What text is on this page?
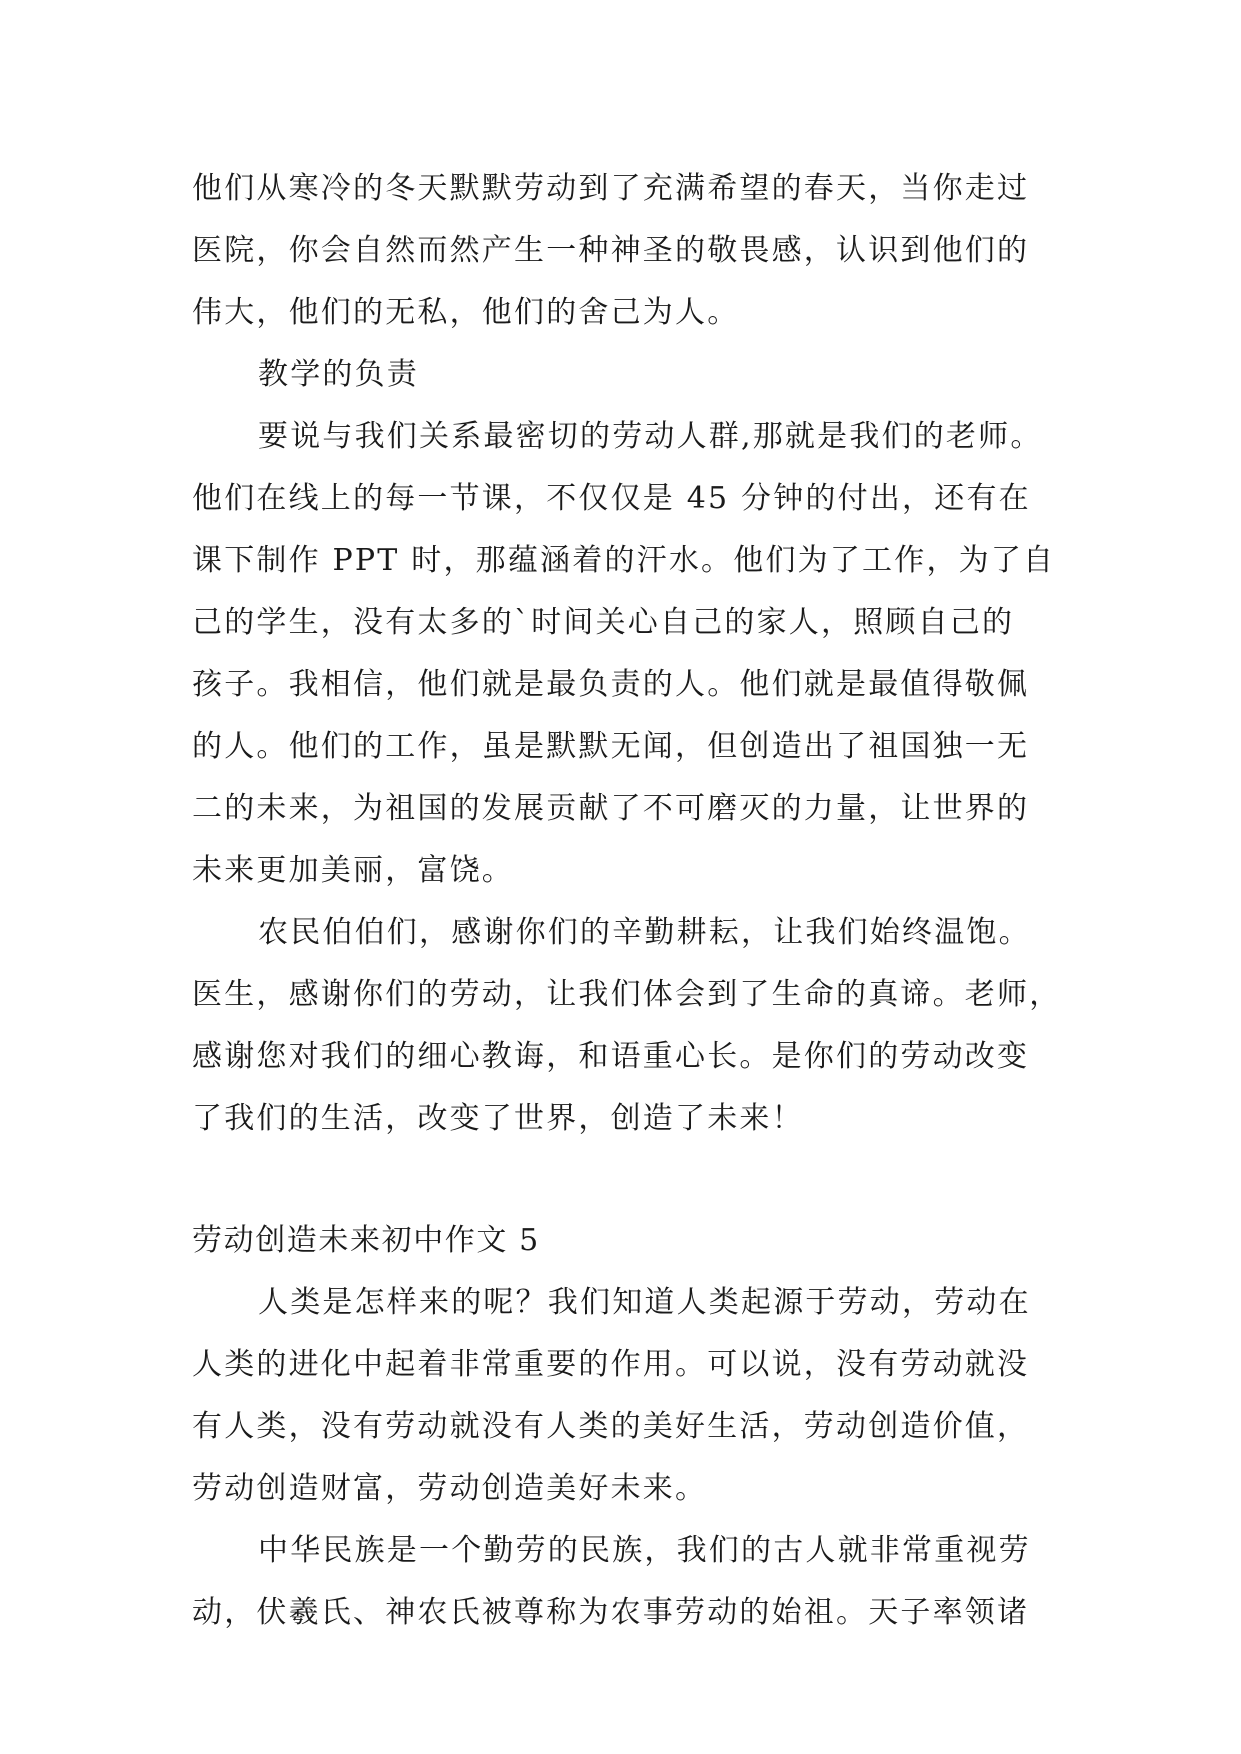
他们从寒冷的冬天默默劳动到了充满希望的春天，当你走过
医院，你会自然而然产生一种神圣的敬畏感，认识到他们的
伟大，他们的无私，他们的舍己为人。
教学的负责
要说与我们关系最密切的劳动人群,那就是我们的老师。
他们在线上的每一节课，不仅仅是 45 分钟的付出，还有在
课下制作 PPT 时，那蕴涵着的汗水。他们为了工作，为了自
己的学生，没有太多的`时间关心自己的家人，照顾自己的
孩子。我相信，他们就是最负责的人。他们就是最值得敬佩
的人。他们的工作，虽是默默无闻，但创造出了祖国独一无
二的未来，为祖国的发展贡献了不可磨灭的力量，让世界的
未来更加美丽，富饶。
农民伯伯们，感谢你们的辛勤耕耘，让我们始终温饱。
医生，感谢你们的劳动，让我们体会到了生命的真谛。老师，
感谢您对我们的细心教诲，和语重心长。是你们的劳动改变
了我们的生活，改变了世界，创造了未来！
劳动创造未来初中作文 5
人类是怎样来的呢？我们知道人类起源于劳动，劳动在
人类的进化中起着非常重要的作用。可以说，没有劳动就没
有人类，没有劳动就没有人类的美好生活，劳动创造价值，
劳动创造财富，劳动创造美好未来。
中华民族是一个勤劳的民族，我们的古人就非常重视劳
动，伏羲氏、神农氏被尊称为农事劳动的始祖。天子率领诸
